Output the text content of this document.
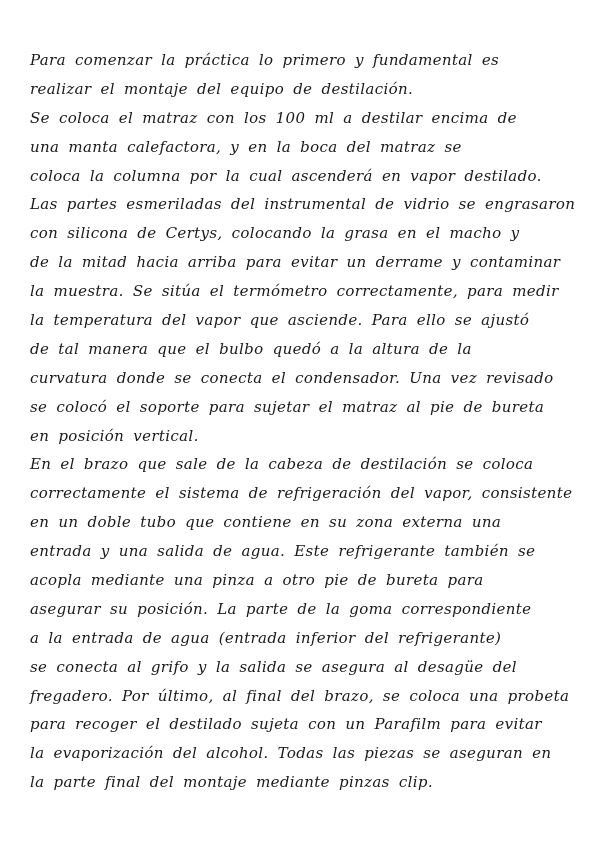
Para comenzar la práctica lo primero y fundamental es
realizar el montaje del equipo de destilación.
Se coloca el matraz con los 100 ml a destilar encima de
una manta calefactora, y en la boca del matraz se
coloca la columna por la cual ascenderá en vapor destilado.
Las partes esmeriladas del instrumental de vidrio se engrasaron
con silicona de Certys, colocando la grasa en el macho y
de la mitad hacia arriba para evitar un derrame y contaminar
la muestra. Se sitúa el termómetro correctamente, para medir
la temperatura del vapor que asciende. Para ello se ajustó
de tal manera que el bulbo quedó a la altura de la
curvatura donde se conecta el condensador. Una vez revisado
se colocó el soporte para sujetar el matraz al pie de bureta
en posición vertical.
En el brazo que sale de la cabeza de destilación se coloca
correctamente el sistema de refrigeración del vapor, consistente
en un doble tubo que contiene en su zona externa una
entrada y una salida de agua. Este refrigerante también se
acopla mediante una pinza a otro pie de bureta para
asegurar su posición. La parte de la goma correspondiente
a la entrada de agua (entrada inferior del refrigerante)
se conecta al grifo y la salida se asegura al desagüe del
fregadero. Por último, al final del brazo, se coloca una probeta
para recoger el destilado sujeta con un Parafilm para evitar
la evaporización del alcohol. Todas las piezas se aseguran en
la parte final del montaje mediante pinzas clip.
